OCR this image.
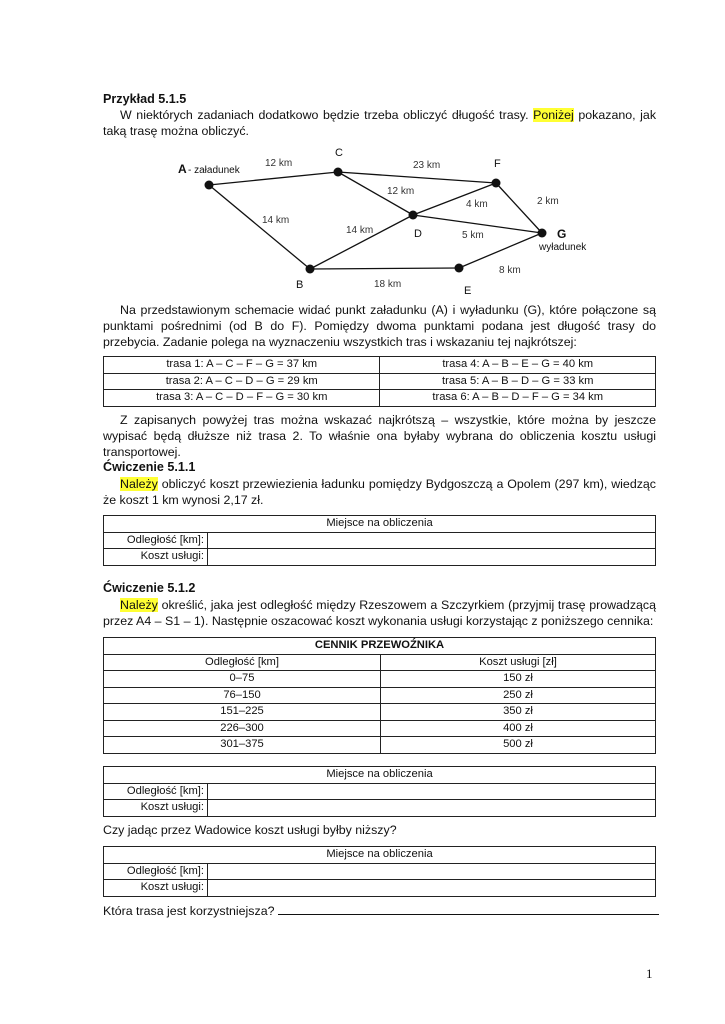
Przykład 5.1.5

W niektórych zadaniach dodatkowo będzie trzeba obliczyć długość trasy. Poniżej pokazano, jak taką trasę można obliczyć.

A - załadunek
B
C
D
E
F
G
wyładunek
12 km
14 km
23 km
12 km
4 km
14 km	5 km
2 km
18 km
8 km

Na przedstawionym schemacie widać punkt załadunku (A) i wyładunku (G), które połączone są punktami pośrednimi (od B do F). Pomiędzy dwoma punktami podana jest długość trasy do przebycia. Zadanie polega na wyznaczeniu wszystkich tras i wskazaniu tej najkrótszej:

trasa 1: A – C – F – G = 37 km	trasa 4: A – B – E – G = 40 km
trasa 2: A – C – D – G = 29 km	trasa 5: A – B – D – G = 33 km
trasa 3: A – C – D – F – G = 30 km	trasa 6: A – B – D – F – G = 34 km

Z zapisanych powyżej tras można wskazać najkrótszą – wszystkie, które można by jeszcze wypisać będą dłuższe niż trasa 2. To właśnie ona byłaby wybrana do obliczenia kosztu usługi transportowej.

Ćwiczenie 5.1.1

Należy obliczyć koszt przewiezienia ładunku pomiędzy Bydgoszczą a Opolem (297 km), wiedząc że koszt 1 km wynosi 2,17 zł.

Miejsce na obliczenia	
Odległość [km]:	
Koszt usługi:	
Ćwiczenie 5.1.2

Należy określić, jaka jest odległość między Rzeszowem a Szczyrkiem (przyjmij trasę prowadzącą przez A4 – S1 – 1). Następnie oszacować koszt wykonania usługi korzystając z poniższego cennika:

CENNIK PRZEWOŹNIKA	
Odległość [km]	Koszt usługi [zł]
0–75	150 zł
76–150	250 zł
151–225	350 zł
226–300	400 zł
301–375	500 zł
Miejsce na obliczenia	
Odległość [km]:	
Koszt usługi:	
Czy jadąc przez Wadowice koszt usługi byłby niższy?
Miejsce na obliczenia	
Odległość [km]:	
Koszt usługi:	
Która trasa jest korzystniejsza?
1
